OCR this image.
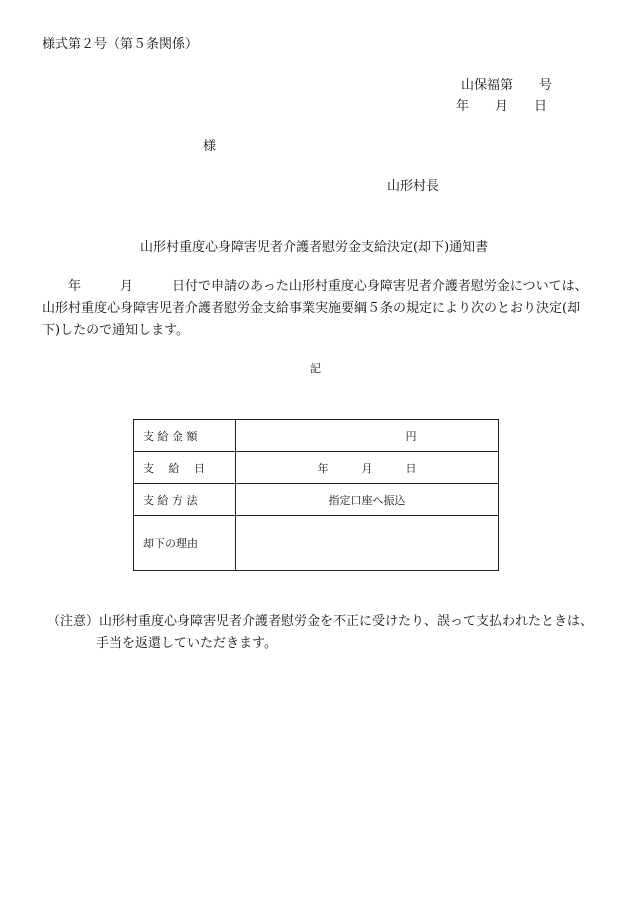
様式第２号（第５条関係）
山保福第　　号
年　　月　　日
様
山形村長
山形村重度心身障害児者介護者慰労金支給決定(却下)通知書
　　年　　　月　　　日付で申請のあった山形村重度心身障害児者介護者慰労金については、
山形村重度心身障害児者介護者慰労金支給事業実施要綱５条の規定により次のとおり決定(却
下)したので通知します。
記
支 給 金 額	　　　　　　　　円
支　 給　 日	年　　　月　　　日　　　
支 給 方 法	指定口座へ振込
却下の理由	
（注意）山形村重度心身障害児者介護者慰労金を不正に受けたり、誤って支払われたときは、
手当を返還していただきます。
